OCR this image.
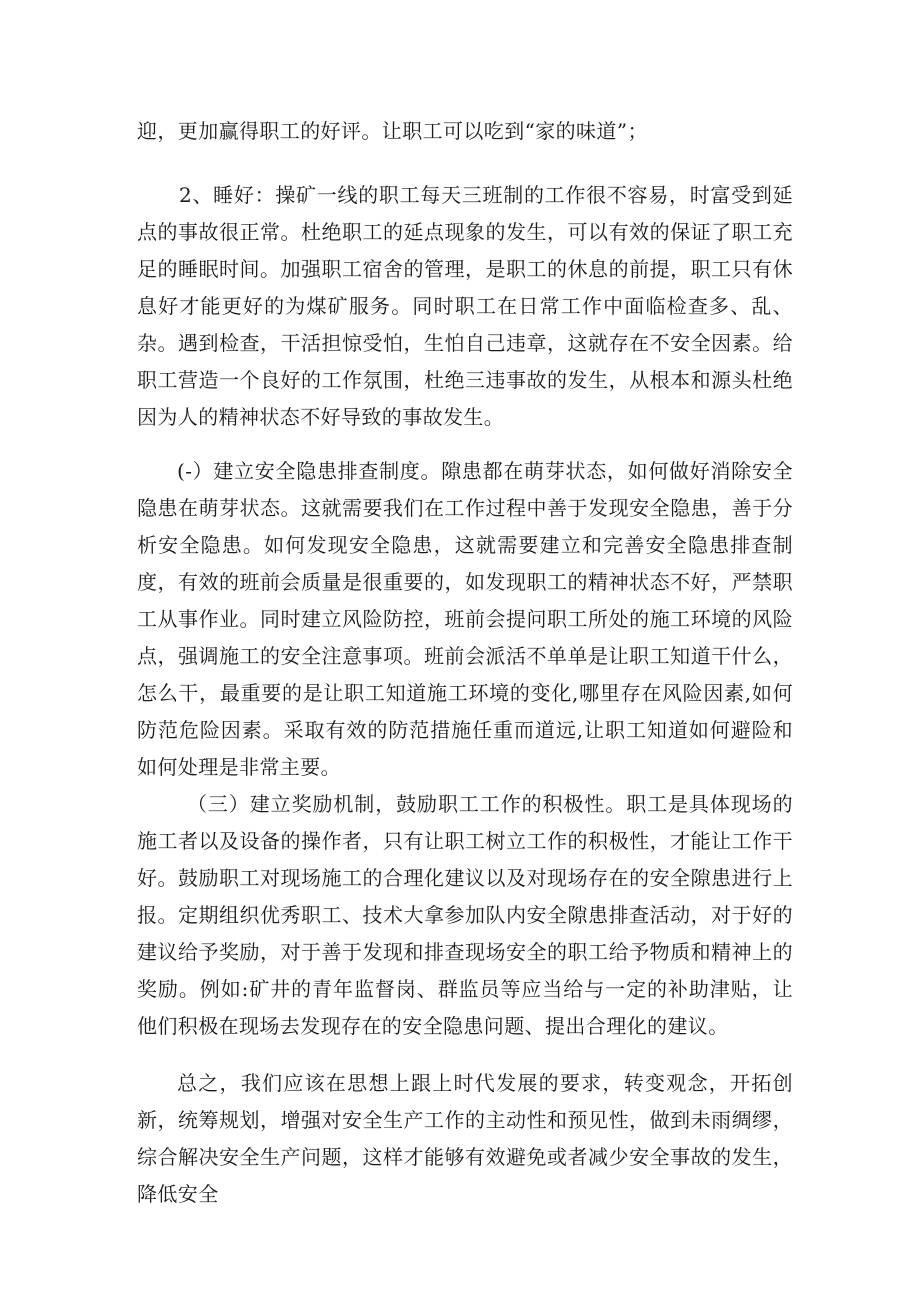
迎，更加赢得职工的好评。让职工可以吃到“家的味道”；

2、睡好：操矿一线的职工每天三班制的工作很不容易，时富受到延点的事故很正常。杜绝职工的延点现象的发生，可以有效的保证了职工充足的睡眠时间。加强职工宿舍的管理，是职工的休息的前提，职工只有休息好才能更好的为煤矿服务。同时职工在日常工作中面临检查多、乱、杂。遇到检查，干活担惊受怕，生怕自己违章，这就存在不安全因素。给职工营造一个良好的工作氛围，杜绝三违事故的发生，从根本和源头杜绝因为人的精神状态不好导致的事故发生。

(-）建立安全隐患排查制度。隙患都在萌芽状态，如何做好消除安全隐患在萌芽状态。这就需要我们在工作过程中善于发现安全隐患，善于分析安全隐患。如何发现安全隐患，这就需要建立和完善安全隐患排查制度，有效的班前会质量是很重要的，如发现职工的精神状态不好，严禁职工从事作业。同时建立风险防控，班前会提问职工所处的施工环境的风险点，强调施工的安全注意事项。班前会派活不单单是让职工知道干什么，怎么干，最重要的是让职工知道施工环境的变化,哪里存在风险因素,如何防范危险因素。采取有效的防范措施任重而道远,让职工知道如何避险和如何处理是非常主要。

（三）建立奖励机制，鼓励职工工作的积极性。职工是具体现场的施工者以及设备的操作者，只有让职工树立工作的积极性，才能让工作干好。鼓励职工对现场施工的合理化建议以及对现场存在的安全隙患进行上报。定期组织优秀职工、技术大拿参加队内安全隙患排查活动，对于好的建议给予奖励，对于善于发现和排查现场安全的职工给予物质和精神上的奖励。例如:矿井的青年监督岗、群监员等应当给与一定的补助津贴，让他们积极在现场去发现存在的安全隐患问题、提出合理化的建议。

总之，我们应该在思想上跟上时代发展的要求，转变观念，开拓创新，统筹规划，增强对安全生产工作的主动性和预见性，做到未雨绸缪，综合解决安全生产问题，这样才能够有效避免或者减少安全事故的发生，降低安全
